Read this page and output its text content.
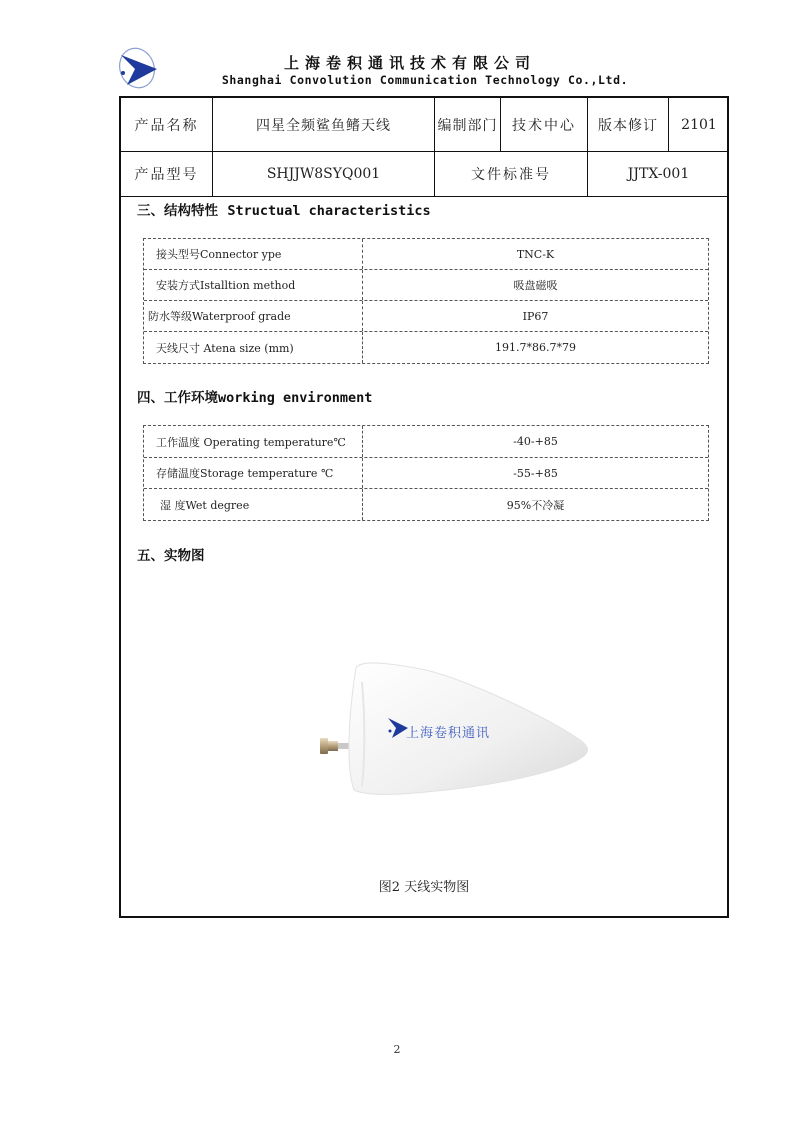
上海卷积通讯技术有限公司
Shanghai Convolution Communication Technology Co.,Ltd.
产品名称	四星全频鲨鱼鳍天线	编制部门	技术中心	版本修订	2101
产品型号	SHJJW8SYQ001	文件标准号	JJTX-001
三、结构特性 Structual characteristics
接头型号Connector ype	TNC-K
安装方式Istalltion method	吸盘磁吸
防水等级Waterproof grade	IP67
天线尺寸 Atena size (mm)	191.7*86.7*79
四、工作环境working environment
工作温度 Operating temperature℃	-40-+85
存储温度Storage temperature ℃	-55-+85
湿 度Wet degree	95%不冷凝
五、实物图
上海卷积通讯
图2 天线实物图
2
